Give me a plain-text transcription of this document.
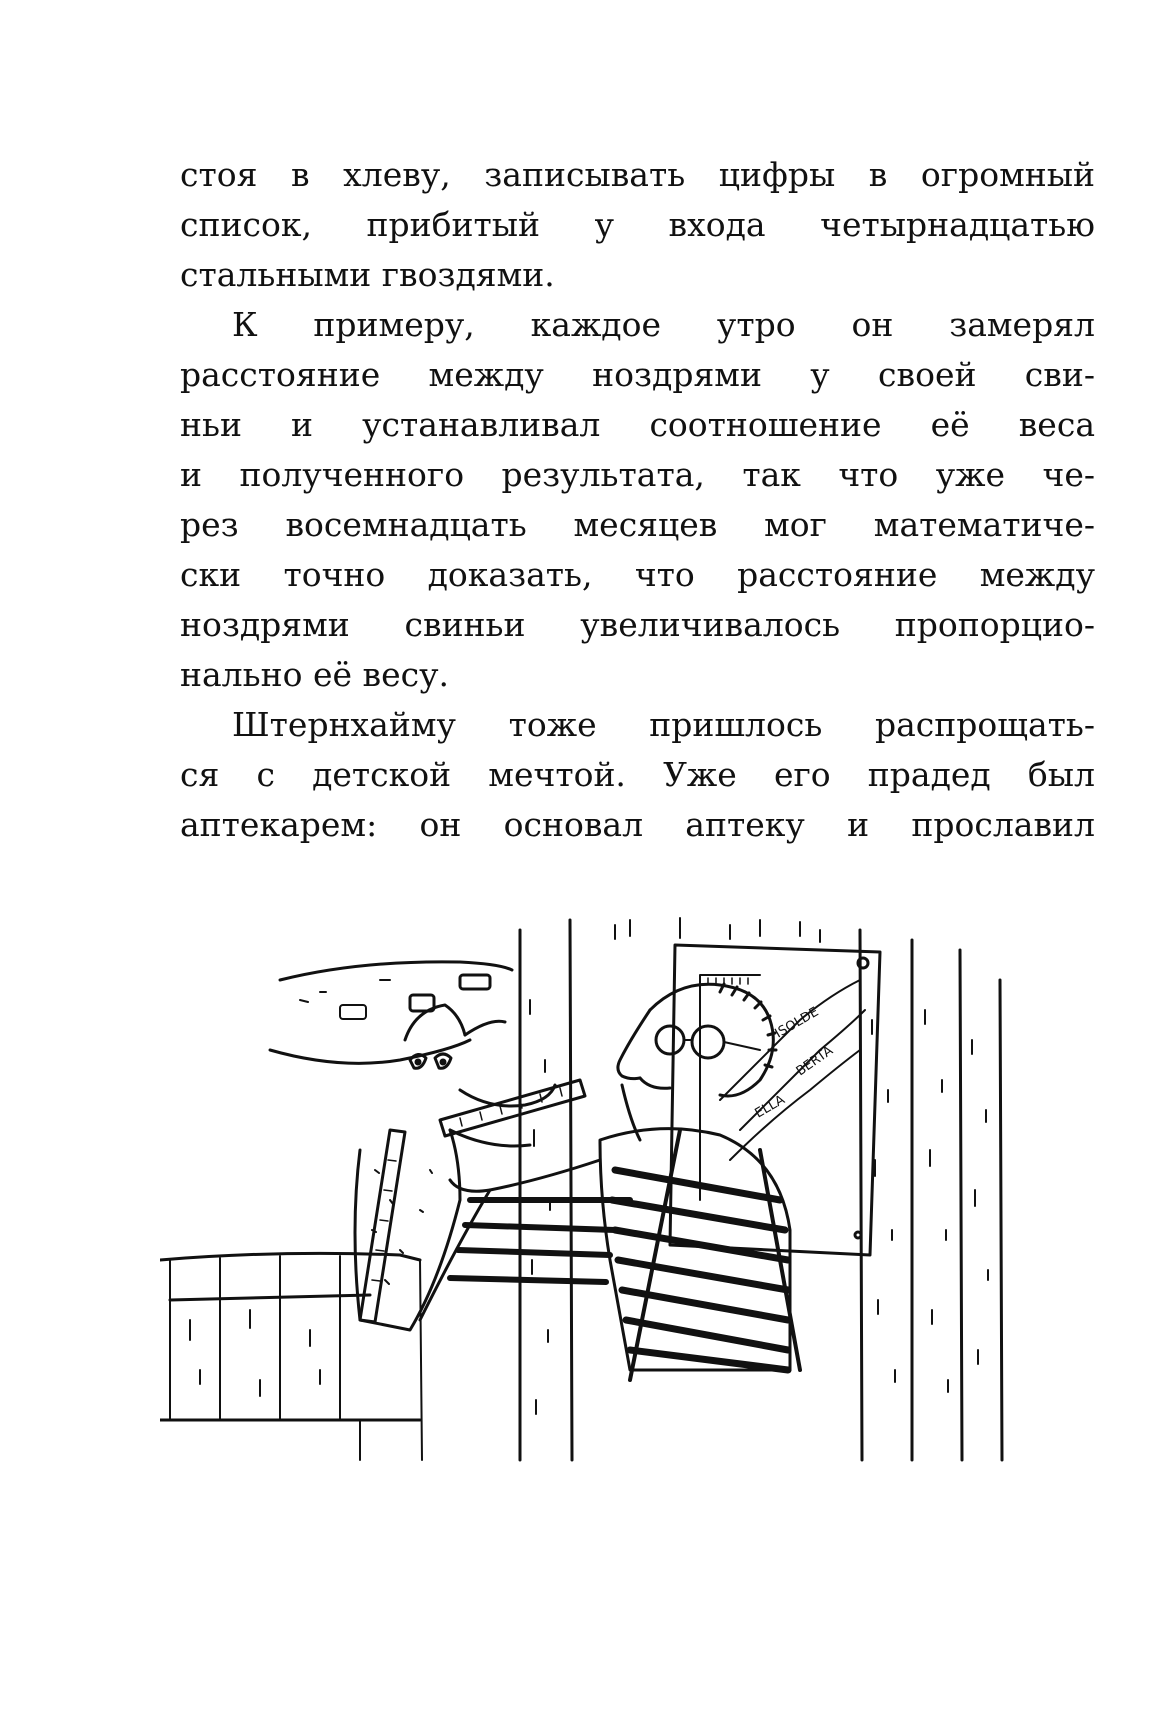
стоя в хлеву, записывать цифры в огромный
список, прибитый у входа четырнадцатью
стальными гвоздями.
К примеру, каждое утро он замерял
расстояние между ноздрями у своей сви-
ньи и устанавливал соотношение её веса
и полученного результата, так что уже че-
рез восемнадцать месяцев мог математиче-
ски точно доказать, что расстояние между
ноздрями свиньи увеличивалось пропорцио-
нально её весу.
Штернхайму тоже пришлось распрощать-
ся с детской мечтой. Уже его прадед был
аптекарем: он основал аптеку и прославил
ISOLDE
BERTA
ELLA
